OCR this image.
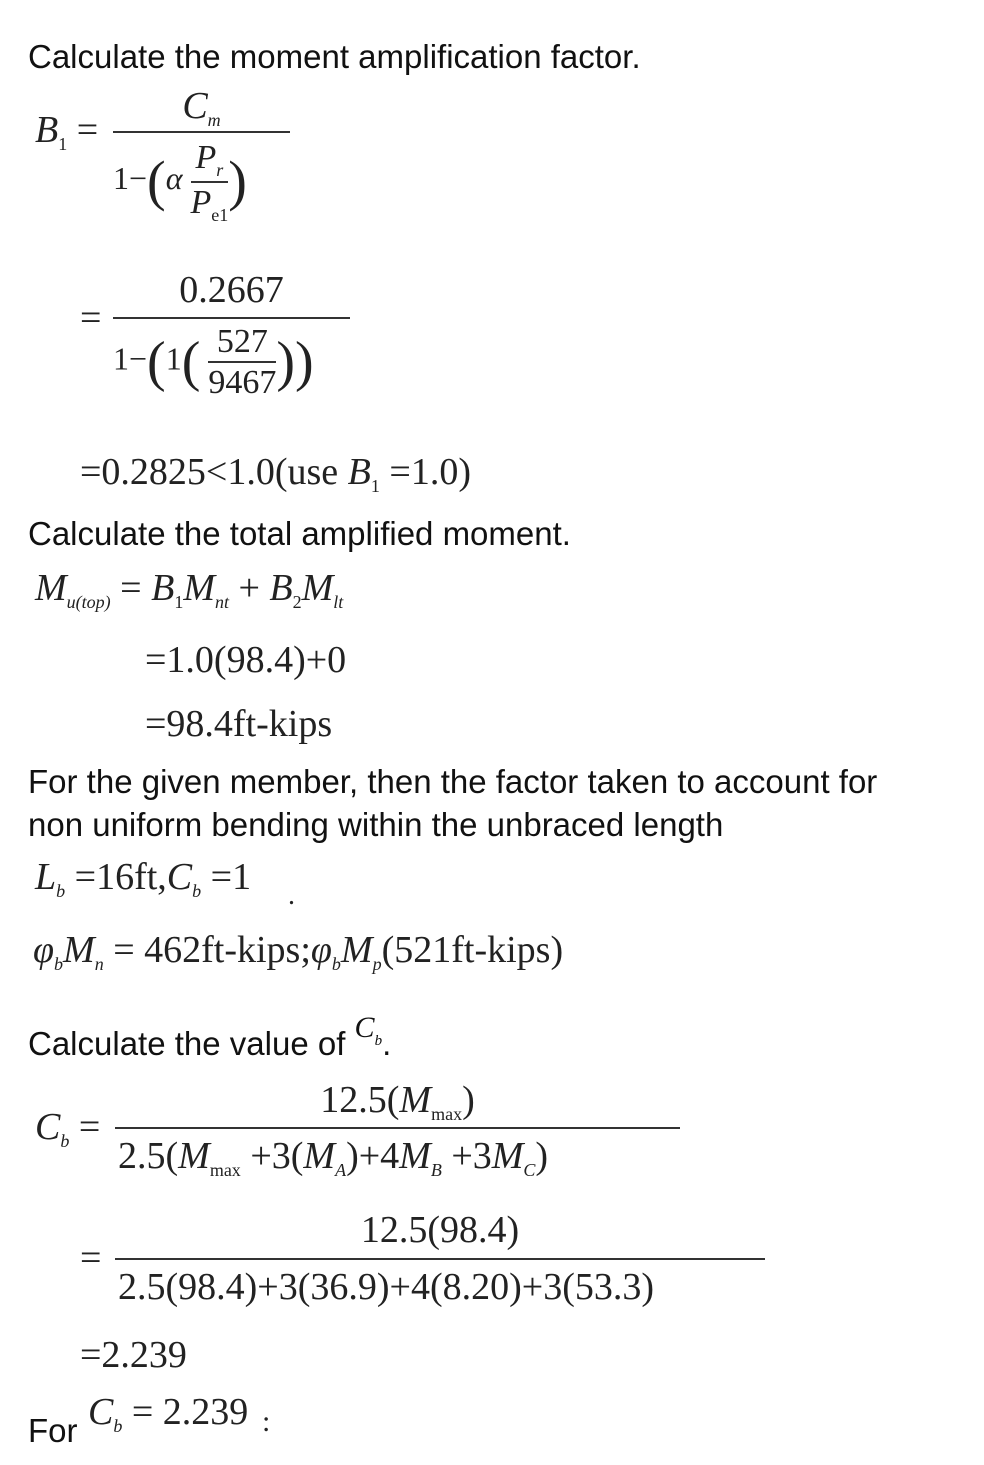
Calculate the moment amplification factor.
$B_1$ =
$C_m$
$1-(\alpha \frac{P_r}{P_{e1}}$ )
=
0.2667
$1-(1( \frac{527}{9467}$ ))
=0.2825<1.0(use $B_1 =1.0$)
Calculate the total amplified moment.
$M_{u(top)} = B_1M_{nt} + B_2M_{lt}$
=1.0(98.4)+0
=98.4ft-kips
For the given member, then the factor taken to account for
non uniform bending within the unbraced length
$L_b =16ft,C_b =1$ .
$\varphi_bM_n$ = $462ft-kips;\varphi_bM_p(521ft-kips)$
Calculate the value of $C_b$.
$C_b$ =
$12.5(M_{max})$
$2.5(M_{max} +3(M_A)+4M_B +3M_C)$
=
12.5(98.4)
2.5(98.4)+3(36.9)+4(8.20)+3(53.3)
=2.239
For $C_b = 2.239$ :
